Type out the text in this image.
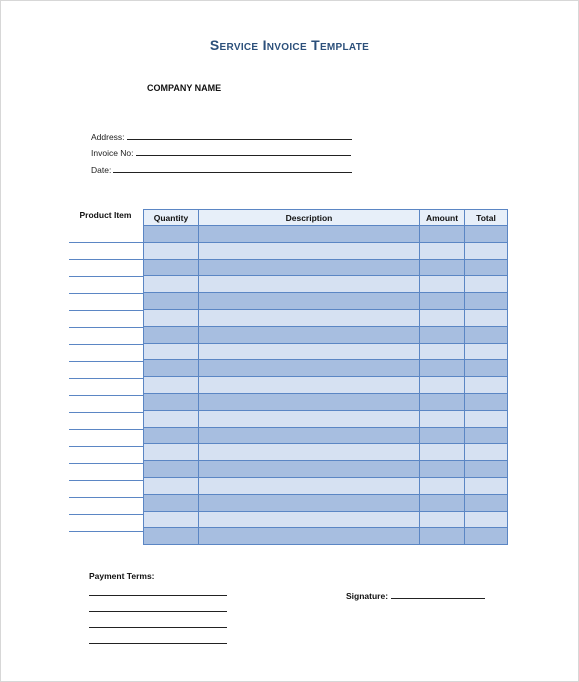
Service Invoice Template
COMPANY NAME
Address:
Invoice No:
Date:
Product Item	Quantity	Description	Amount	Total

Payment Terms:
Signature:
